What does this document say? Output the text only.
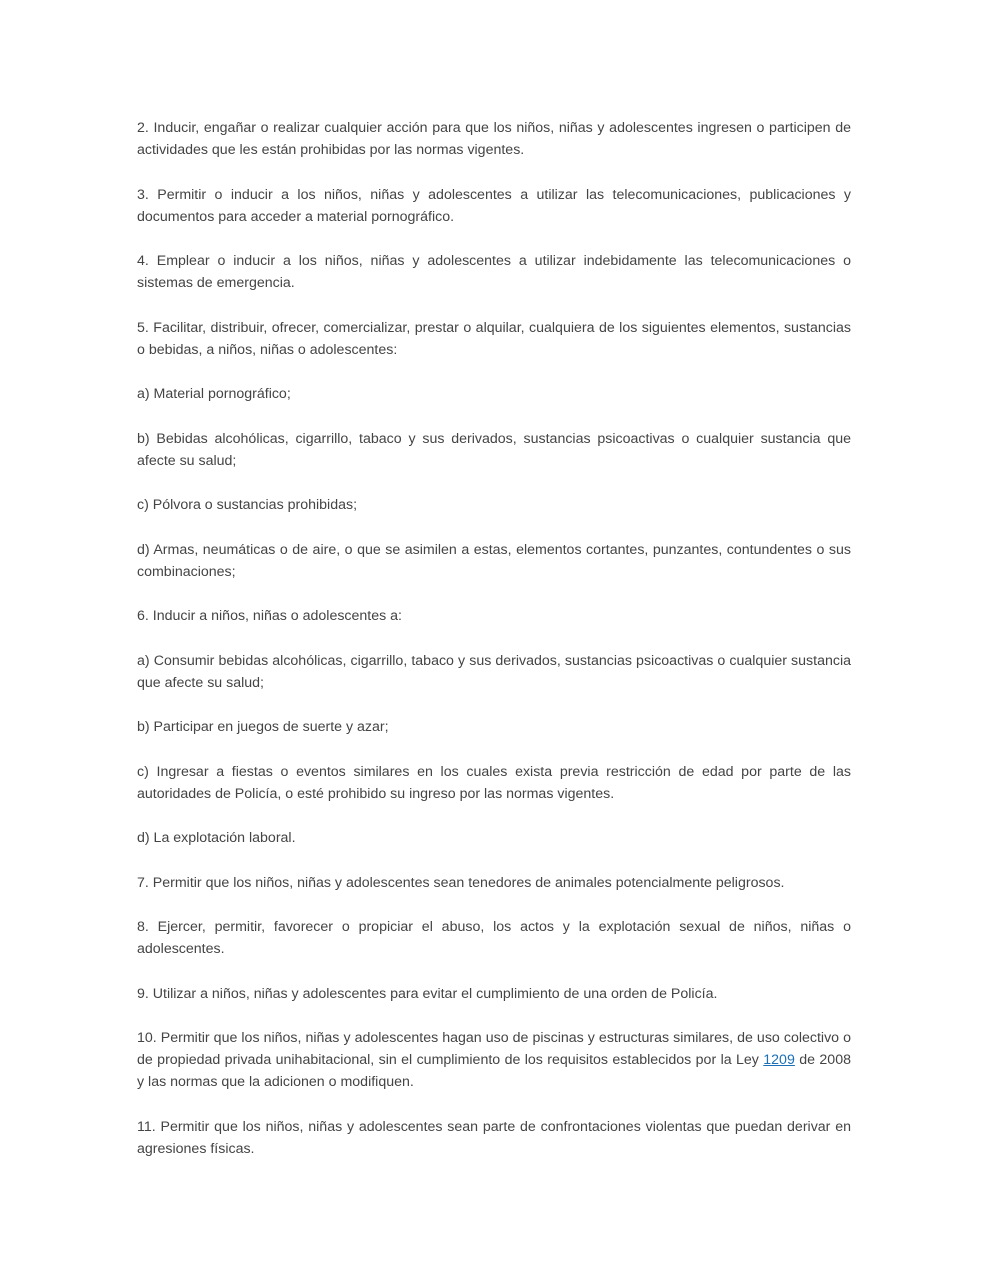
2. Inducir, engañar o realizar cualquier acción para que los niños, niñas y adolescentes ingresen o participen de actividades que les están prohibidas por las normas vigentes.

3. Permitir o inducir a los niños, niñas y adolescentes a utilizar las telecomunicaciones, publicaciones y documentos para acceder a material pornográfico.

4. Emplear o inducir a los niños, niñas y adolescentes a utilizar indebidamente las telecomunicaciones o sistemas de emergencia.

5. Facilitar, distribuir, ofrecer, comercializar, prestar o alquilar, cualquiera de los siguientes elementos, sustancias o bebidas, a niños, niñas o adolescentes:

a) Material pornográfico;

b) Bebidas alcohólicas, cigarrillo, tabaco y sus derivados, sustancias psicoactivas o cualquier sustancia que afecte su salud;

c) Pólvora o sustancias prohibidas;

d) Armas, neumáticas o de aire, o que se asimilen a estas, elementos cortantes, punzantes, contundentes o sus combinaciones;

6. Inducir a niños, niñas o adolescentes a:

a) Consumir bebidas alcohólicas, cigarrillo, tabaco y sus derivados, sustancias psicoactivas o cualquier sustancia que afecte su salud;

b) Participar en juegos de suerte y azar;

c) Ingresar a fiestas o eventos similares en los cuales exista previa restricción de edad por parte de las autoridades de Policía, o esté prohibido su ingreso por las normas vigentes.

d) La explotación laboral.

7. Permitir que los niños, niñas y adolescentes sean tenedores de animales potencialmente peligrosos.

8. Ejercer, permitir, favorecer o propiciar el abuso, los actos y la explotación sexual de niños, niñas o adolescentes.

9. Utilizar a niños, niñas y adolescentes para evitar el cumplimiento de una orden de Policía.

10. Permitir que los niños, niñas y adolescentes hagan uso de piscinas y estructuras similares, de uso colectivo o de propiedad privada unihabitacional, sin el cumplimiento de los requisitos establecidos por la Ley 1209 de 2008 y las normas que la adicionen o modifiquen.

11. Permitir que los niños, niñas y adolescentes sean parte de confrontaciones violentas que puedan derivar en agresiones físicas.
